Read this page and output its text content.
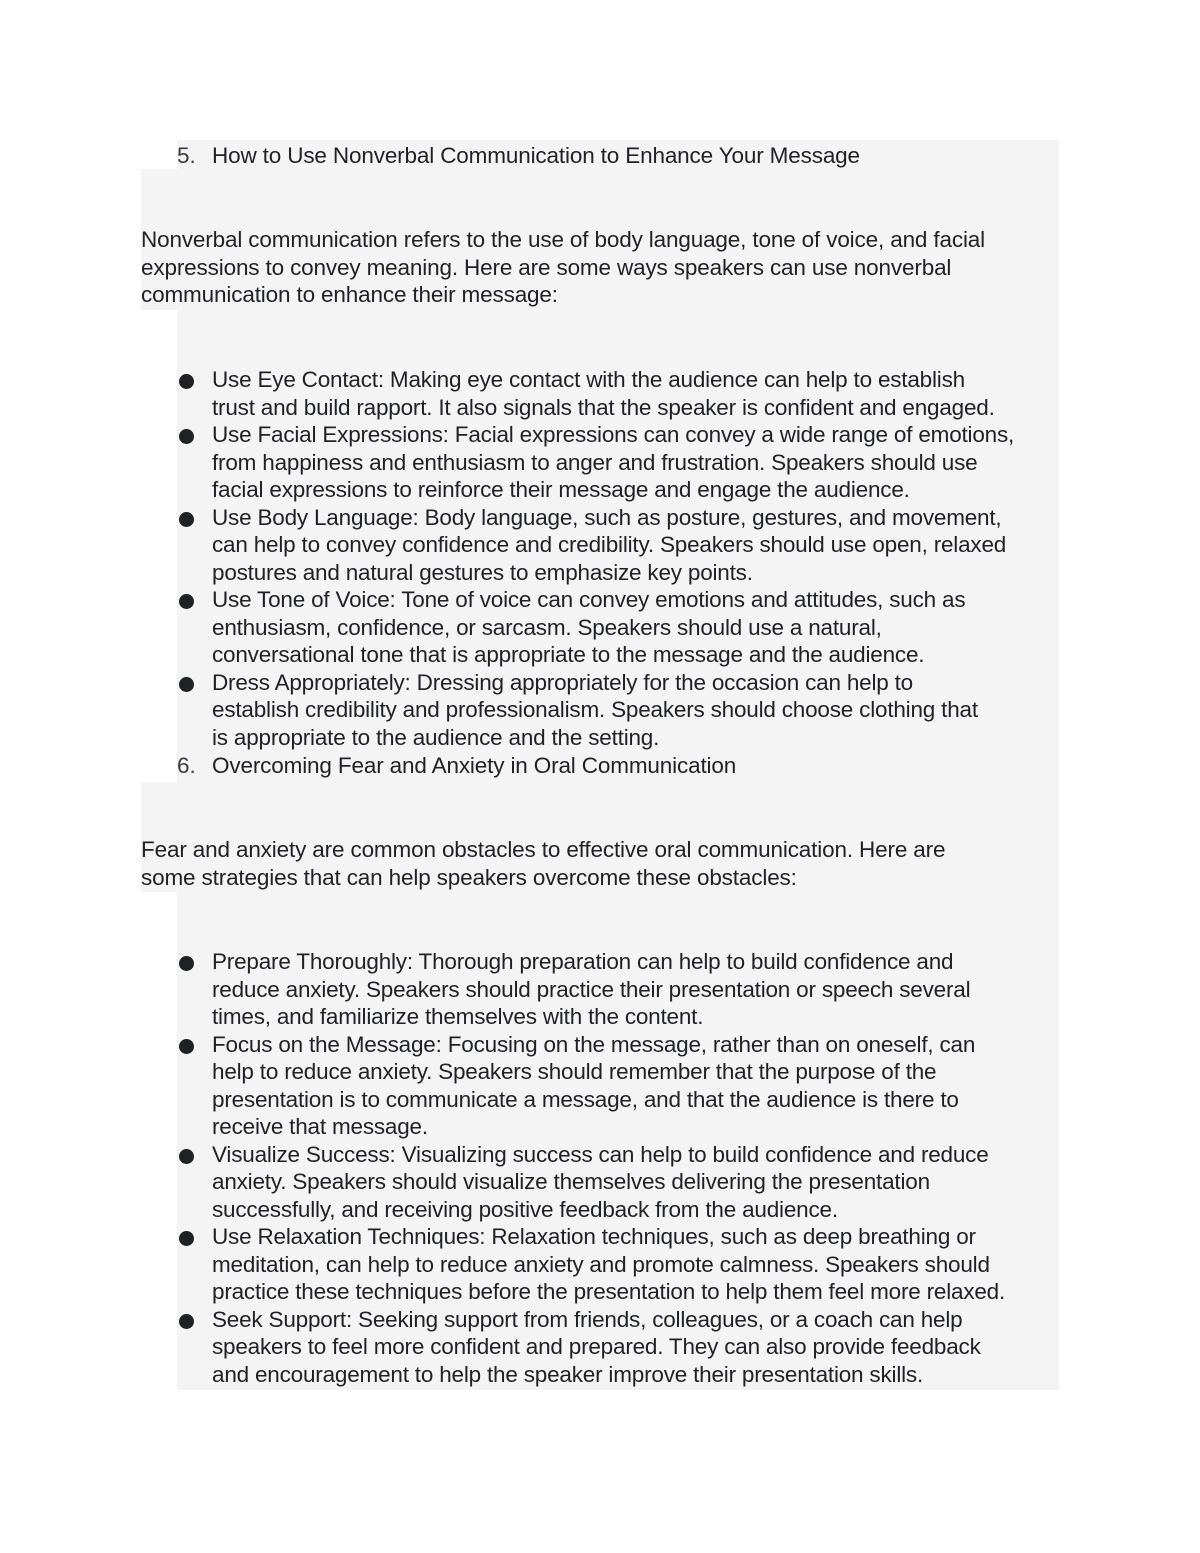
5. How to Use Nonverbal Communication to Enhance Your Message
Nonverbal communication refers to the use of body language, tone of voice, and facial
expressions to convey meaning. Here are some ways speakers can use nonverbal
communication to enhance their message:
Use Eye Contact: Making eye contact with the audience can help to establish
trust and build rapport. It also signals that the speaker is confident and engaged.
Use Facial Expressions: Facial expressions can convey a wide range of emotions,
from happiness and enthusiasm to anger and frustration. Speakers should use
facial expressions to reinforce their message and engage the audience.
Use Body Language: Body language, such as posture, gestures, and movement,
can help to convey confidence and credibility. Speakers should use open, relaxed
postures and natural gestures to emphasize key points.
Use Tone of Voice: Tone of voice can convey emotions and attitudes, such as
enthusiasm, confidence, or sarcasm. Speakers should use a natural,
conversational tone that is appropriate to the message and the audience.
Dress Appropriately: Dressing appropriately for the occasion can help to
establish credibility and professionalism. Speakers should choose clothing that
is appropriate to the audience and the setting.
6. Overcoming Fear and Anxiety in Oral Communication
Fear and anxiety are common obstacles to effective oral communication. Here are
some strategies that can help speakers overcome these obstacles:
Prepare Thoroughly: Thorough preparation can help to build confidence and
reduce anxiety. Speakers should practice their presentation or speech several
times, and familiarize themselves with the content.
Focus on the Message: Focusing on the message, rather than on oneself, can
help to reduce anxiety. Speakers should remember that the purpose of the
presentation is to communicate a message, and that the audience is there to
receive that message.
Visualize Success: Visualizing success can help to build confidence and reduce
anxiety. Speakers should visualize themselves delivering the presentation
successfully, and receiving positive feedback from the audience.
Use Relaxation Techniques: Relaxation techniques, such as deep breathing or
meditation, can help to reduce anxiety and promote calmness. Speakers should
practice these techniques before the presentation to help them feel more relaxed.
Seek Support: Seeking support from friends, colleagues, or a coach can help
speakers to feel more confident and prepared. They can also provide feedback
and encouragement to help the speaker improve their presentation skills.
